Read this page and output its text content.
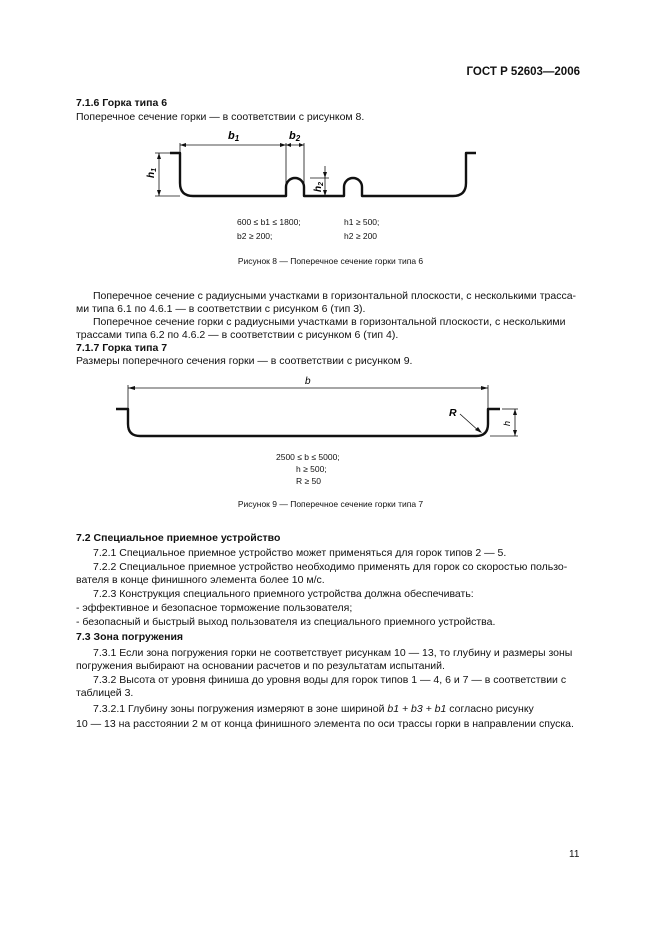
ГОСТ Р 52603—2006
7.1.6 Горка типа 6
Поперечное сечение горки — в соответствии с рисунком 8.
b1	b2
$h_1$
$h_2$
600 ≤ b1 ≤ 1800;	h1 ≥ 500;
b2 ≥ 200;	h2 ≥ 200
Рисунок 8 — Поперечное сечение горки типа 6
Поперечное сечение с радиусными участками в горизонтальной плоскости, с несколькими трасса-
ми типа 6.1 по 4.6.1 — в соответствии с рисунком 6 (тип 3).
Поперечное сечение горки с радиусными участками в горизонтальной плоскости, с несколькими
трассами типа 6.2 по 4.6.2 — в соответствии с рисунком 6 (тип 4).
7.1.7 Горка типа 7
Размеры поперечного сечения горки — в соответствии с рисунком 9.
b
R
h
2500 ≤ b ≤ 5000;
h ≥ 500;
R ≥ 50
Рисунок 9 — Поперечное сечение горки типа 7
7.2 Специальное приемное устройство
7.2.1 Специальное приемное устройство может применяться для горок типов 2 — 5.
7.2.2 Специальное приемное устройство необходимо применять для горок со скоростью пользо-
вателя в конце финишного элемента более 10 м/с.
7.2.3 Конструкция специального приемного устройства должна обеспечивать:
- эффективное и безопасное торможение пользователя;
- безопасный и быстрый выход пользователя из специального приемного устройства.
7.3 Зона погружения
7.3.1 Если зона погружения горки не соответствует рисункам 10 — 13, то глубину и размеры зоны
погружения выбирают на основании расчетов и по результатам испытаний.
7.3.2 Высота от уровня финиша до уровня воды для горок типов 1 — 4, 6 и 7 — в соответствии с
таблицей 3.
7.3.2.1 Глубину зоны погружения измеряют в зоне шириной b1 + b3 + b1 согласно рисунку
10 — 13 на расстоянии 2 м от конца финишного элемента по оси трассы горки в направлении спуска.
11
